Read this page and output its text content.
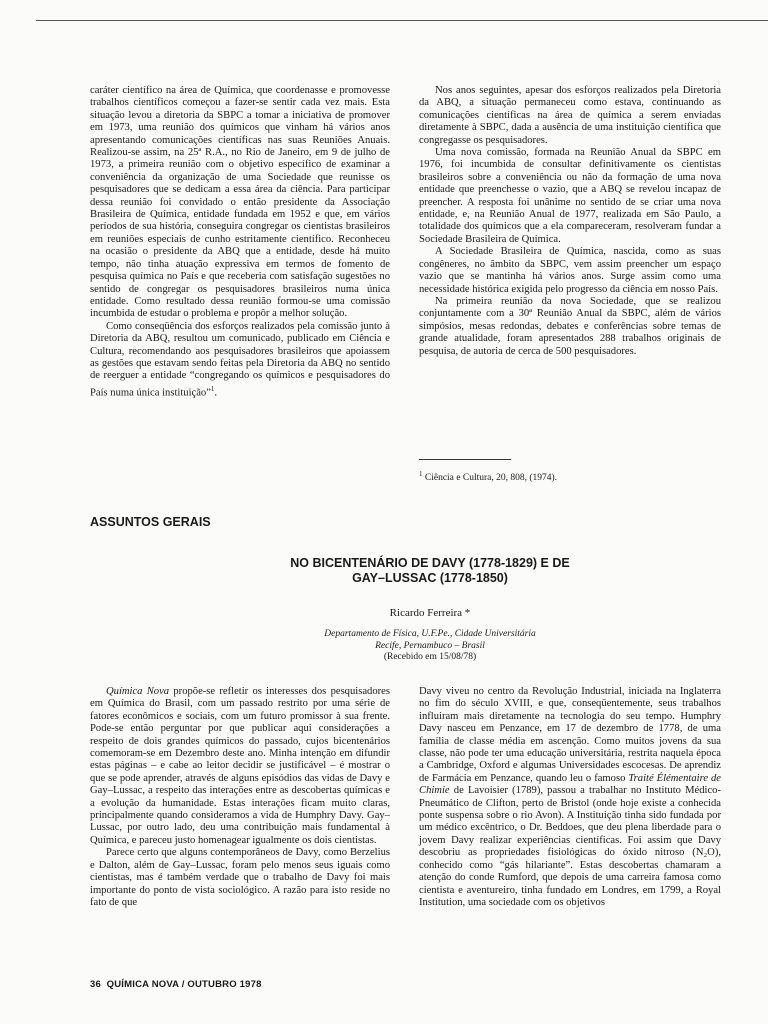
caráter científico na área de Química, que coordenasse e promovesse trabalhos científicos começou a fazer-se sentir cada vez mais. Esta situação levou a diretoria da SBPC a tomar a iniciativa de promover em 1973, uma reunião dos químicos que vinham há vários anos apresentando comunicações científicas nas suas Reuniões Anuais. Realizou-se assim, na 25ª R.A., no Rio de Janeiro, em 9 de julho de 1973, a primeira reunião com o objetivo específico de examinar a conveniência da organização de uma Sociedade que reunisse os pesquisadores que se dedicam a essa área da ciência. Para participar dessa reunião foi convidado o então presidente da Associação Brasileira de Química, entidade fundada em 1952 e que, em vários períodos de sua história, conseguira congregar os cientistas brasileiros em reuniões especiais de cunho estritamente científico. Reconheceu na ocasião o presidente da ABQ que a entidade, desde há muito tempo, não tinha atuação expressiva em termos de fomento de pesquisa química no País e que receberia com satisfação sugestões no sentido de congregar os pesquisadores brasileiros numa única entidade. Como resultado dessa reunião formou-se uma comissão incumbida de estudar o problema e propôr a melhor solução.

Como conseqüência dos esforços realizados pela comissão junto à Diretoria da ABQ, resultou um comunicado, publicado em Ciência e Cultura, recomendando aos pesquisadores brasileiros que apoiassem as gestões que estavam sendo feitas pela Diretoria da ABQ no sentido de reerguer a entidade “congregando os químicos e pesquisadores do País numa única instituição”$^1$.

Nos anos seguintes, apesar dos esforços realizados pela Diretoria da ABQ, a situação permaneceu como estava, continuando as comunicações científicas na área de química a serem enviadas diretamente à SBPC, dada a ausência de uma instituição científica que congregasse os pesquisadores.

Uma nova comissão, formada na Reunião Anual da SBPC em 1976, foi incumbida de consultar definitivamente os cientistas brasileiros sobre a conveniência ou não da formação de uma nova entidade que preenchesse o vazio, que a ABQ se revelou incapaz de preencher. A resposta foi unânime no sentido de se criar uma nova entidade, e, na Reunião Anual de 1977, realizada em São Paulo, a totalidade dos químicos que a ela compareceram, resolveram fundar a Sociedade Brasileira de Química.

A Sociedade Brasileira de Química, nascida, como as suas congêneres, no âmbito da SBPC, vem assim preencher um espaço vazio que se mantinha há vários anos. Surge assim como uma necessidade histórica exigida pelo progresso da ciência em nosso País.

Na primeira reunião da nova Sociedade, que se realizou conjuntamente com a 30ª Reunião Anual da SBPC, além de vários simpósios, mesas redondas, debates e conferências sobre temas de grande atualidade, foram apresentados 288 trabalhos originais de pesquisa, de autoria de cerca de 500 pesquisadores.

$^1$ Ciência e Cultura, 20, 808, (1974).
ASSUNTOS GERAIS
NO BICENTENÁRIO DE DAVY (1778-1829) E DE
GAY–LUSSAC (1778-1850)
Ricardo Ferreira *
Departamento de Física, U.F.Pe., Cidade Universitária
Recife, Pernambuco – Brasil
(Recebido em 15/08/78)

Química Nova propõe-se refletir os interesses dos pesquisadores em Química do Brasil, com um passado restrito por uma série de fatores econômicos e sociais, com um futuro promissor à sua frente. Pode-se então perguntar por que publicar aqui considerações a respeito de dois grandes químicos do passado, cujos bicentenários comemoram-se em Dezembro deste ano. Minha intenção em difundir estas páginas – e cabe ao leitor decidir se justificável – é mostrar o que se pode aprender, através de alguns episódios das vidas de Davy e Gay–Lussac, a respeito das interações entre as descobertas químicas e a evolução da humanidade. Estas interações ficam muito claras, principalmente quando consideramos a vida de Humphry Davy. Gay–Lussac, por outro lado, deu uma contribuição mais fundamental à Química, e pareceu justo homenagear igualmente os dois cientistas.

Parece certo que alguns contemporâneos de Davy, como Berzelius e Dalton, além de Gay–Lussac, foram pelo menos seus iguais como cientistas, mas é também verdade que o trabalho de Davy foi mais importante do ponto de vista sociológico. A razão para isto reside no fato de que

Davy viveu no centro da Revolução Industrial, iniciada na Inglaterra no fim do século XVIII, e que, conseqüentemente, seus trabalhos influiram mais diretamente na tecnologia do seu tempo. Humphry Davy nasceu em Penzance, em 17 de dezembro de 1778, de uma família de classe média em ascenção. Como muitos jovens da sua classe, não pode ter uma educação universitária, restrita naquela época a Cambridge, Oxford e algumas Universidades escocesas. De aprendiz de Farmácia em Penzance, quando leu o famoso Traité Élémentaire de Chimie de Lavoisier (1789), passou a trabalhar no Instituto Médico-Pneumático de Clifton, perto de Bristol (onde hoje existe a conhecida ponte suspensa sobre o rio Avon). A Instituição tinha sido fundada por um médico excêntrico, o Dr. Beddoes, que deu plena liberdade para o jovem Davy realizar experiências científicas. Foi assim que Davy descobriu as propriedades fisiológicas do óxido nitroso (N₂O), conhecido como “gás hilariante”. Estas descobertas chamaram a atenção do conde Rumford, que depois de uma carreira famosa como cientista e aventureiro, tinha fundado em Londres, em 1799, a Royal Institution, uma sociedade com os objetivos

36  QUÍMICA NOVA / OUTUBRO 1978
